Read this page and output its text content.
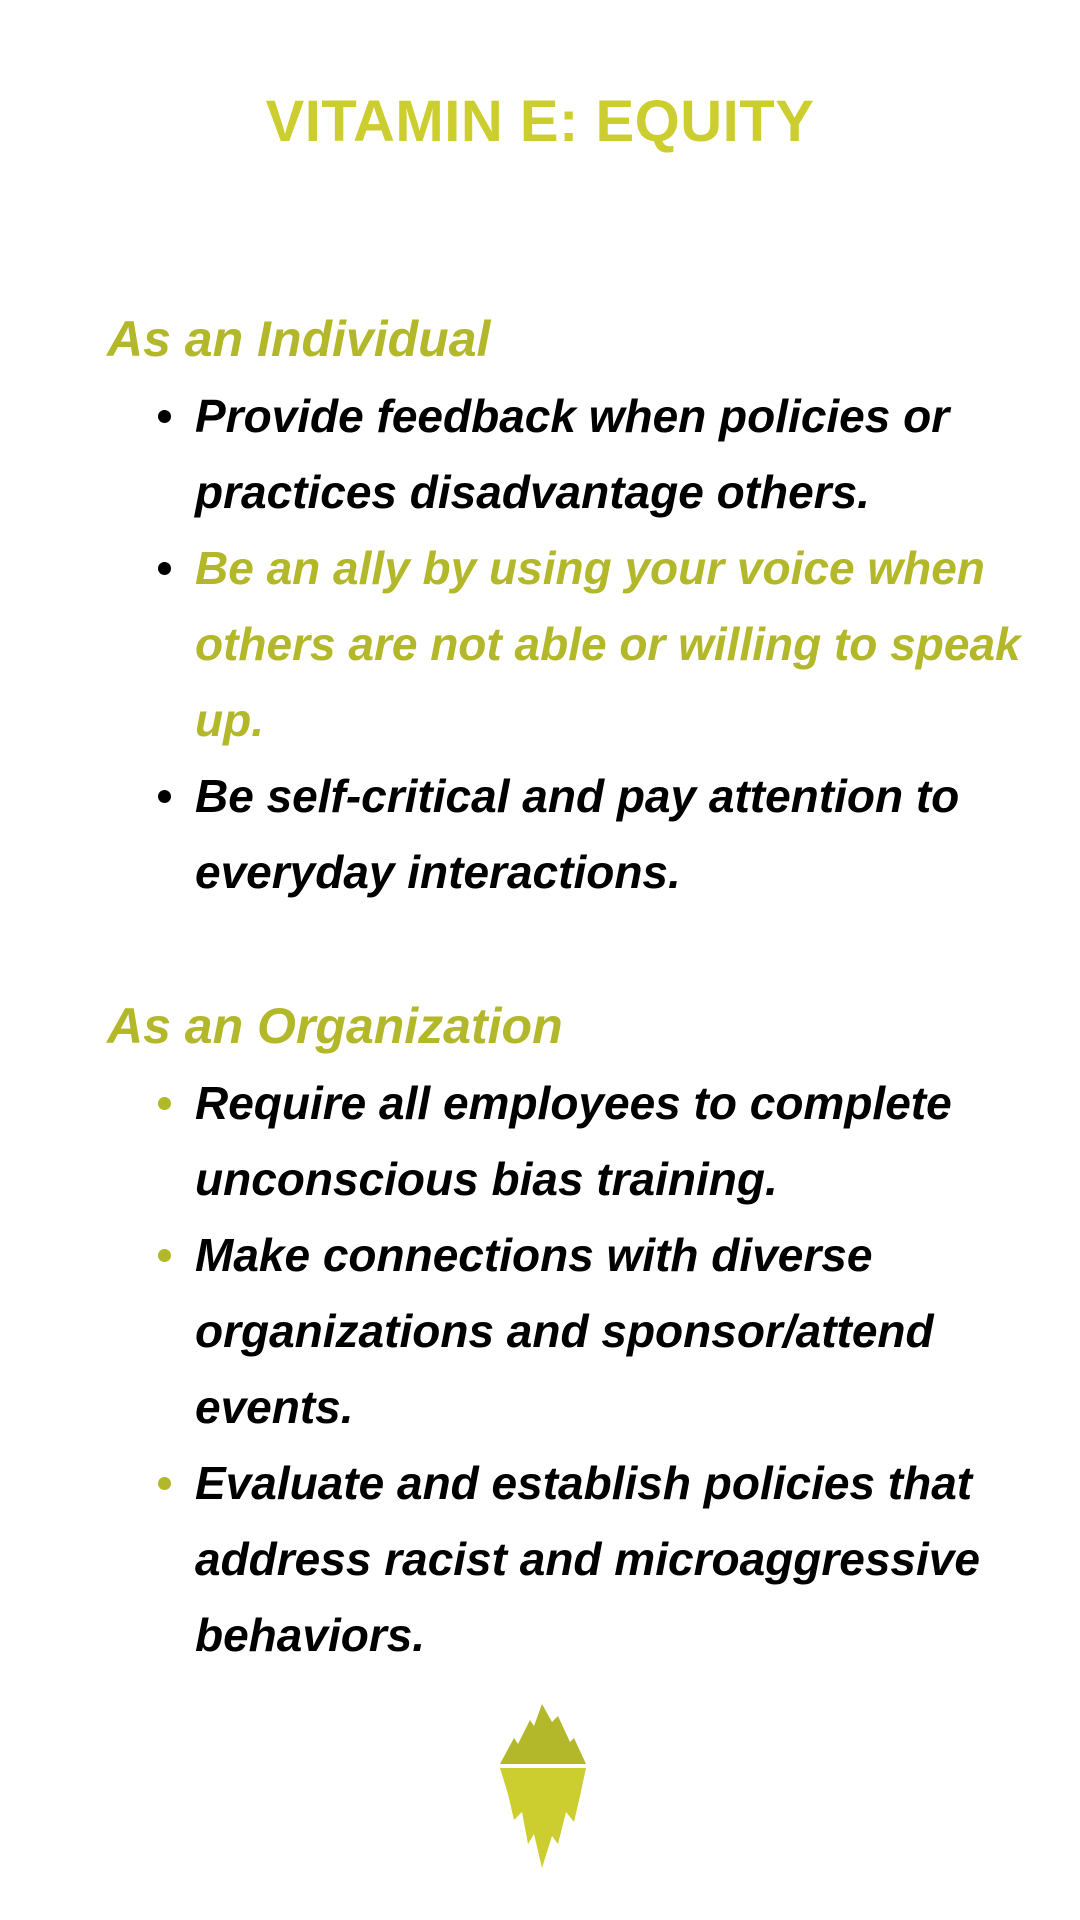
VITAMIN E: EQUITY
As an Individual
Provide feedback when policies or practices disadvantage others.
Be an ally by using your voice when others are not able or willing to speak up.
Be self-critical and pay attention to everyday interactions.
As an Organization
Require all employees to complete unconscious bias training.
Make connections with diverse organizations and sponsor/attend events.
Evaluate and establish policies that address racist and microaggressive behaviors.
